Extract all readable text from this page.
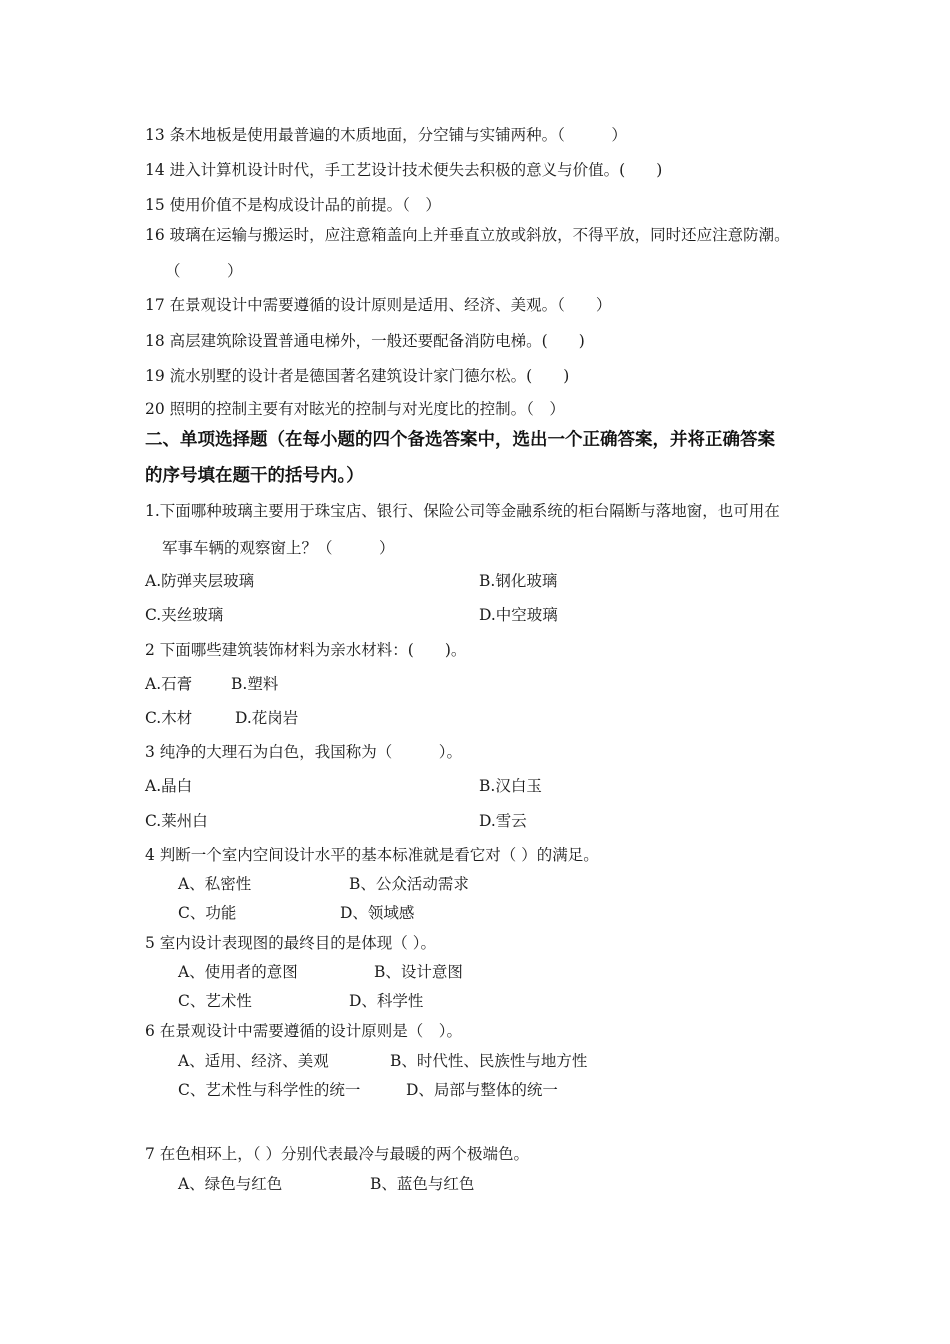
13 条木地板是使用最普遍的木质地面，分空铺与实铺两种。（　　　）
14 进入计算机设计时代，手工艺设计技术便失去积极的意义与价值。(　　)
15 使用价值不是构成设计品的前提。（　）
16 玻璃在运输与搬运时，应注意箱盖向上并垂直立放或斜放，不得平放，同时还应注意防潮。
（　　　）
17 在景观设计中需要遵循的设计原则是适用、经济、美观。（　　）
18 高层建筑除设置普通电梯外，一般还要配备消防电梯。(　　)
19 流水别墅的设计者是德国著名建筑设计家门德尔松。(　　)
20 照明的控制主要有对眩光的控制与对光度比的控制。（　）
二、单项选择题（在每小题的四个备选答案中，选出一个正确答案，并将正确答案
的序号填在题干的括号内。）
1.下面哪种玻璃主要用于珠宝店、银行、保险公司等金融系统的柜台隔断与落地窗，也可用在
军事车辆的观察窗上？（　　　）
A.防弹夹层玻璃	B.钢化玻璃
C.夹丝玻璃	D.中空玻璃
2 下面哪些建筑装饰材料为亲水材料：(　　)。
A.石膏	B.塑料
C.木材	D.花岗岩
3 纯净的大理石为白色，我国称为（　　　）。
A.晶白	B.汉白玉
C.莱州白	D.雪云
4 判断一个室内空间设计水平的基本标准就是看它对（ ）的满足。
A、私密性	B、公众活动需求
C、功能	D、领域感
5 室内设计表现图的最终目的是体现（ ）。
A、使用者的意图	B、设计意图
C、艺术性	D、科学性
6 在景观设计中需要遵循的设计原则是（　）。
A、适用、经济、美观	B、时代性、民族性与地方性
C、艺术性与科学性的统一	D、局部与整体的统一
7 在色相环上，（ ）分别代表最冷与最暖的两个极端色。
A、绿色与红色	B、蓝色与红色
